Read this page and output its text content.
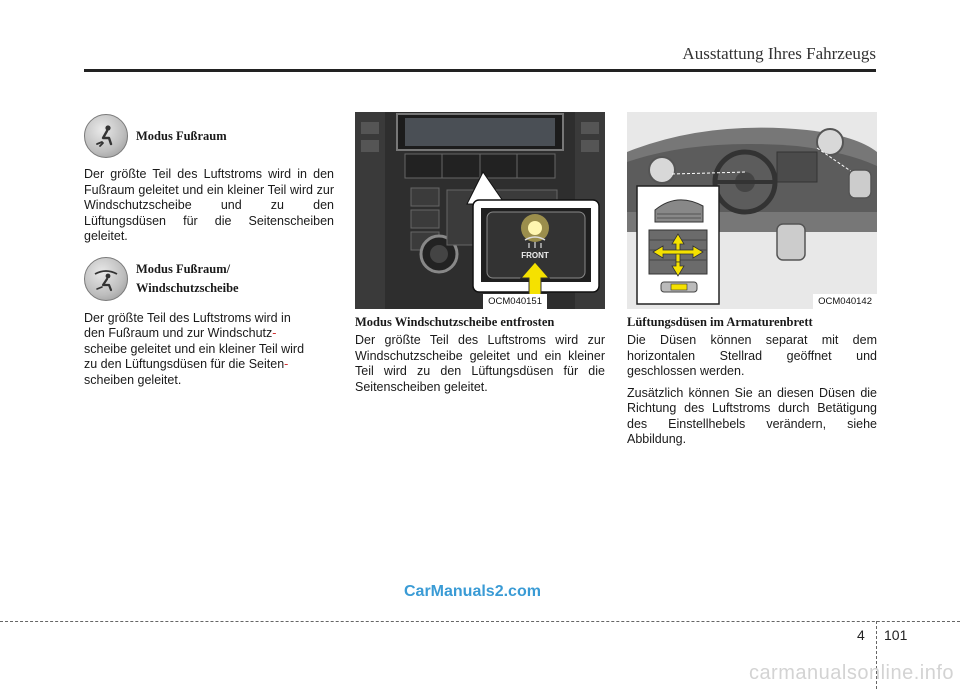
Ausstattung Ihres Fahrzeugs
Modus Fußraum

Der größte Teil des Luftstroms wird in den Fußraum geleitet und ein kleiner Teil wird zur Windschutzscheibe und zu den Lüftungsdüsen für die Seitenscheiben geleitet.

Modus Fußraum/
Windschutzscheibe

Der größte Teil des Luftstroms wird in
den Fußraum und zur Windschutz-
scheibe geleitet und ein kleiner Teil wird
zu den Lüftungsdüsen für die Seiten-
scheiben geleitet.

FRONT
OCM040151
Modus Windschutzscheibe entfrosten

Der größte Teil des Luftstroms wird zur Windschutzscheibe geleitet und ein kleiner Teil wird zu den Lüftungsdüsen für die Seitenscheiben geleitet.

OCM040142
Lüftungsdüsen im Armaturenbrett

Die Düsen können separat mit dem horizontalen Stellrad geöffnet und geschlossen werden.

Zusätzlich können Sie an diesen Düsen die Richtung des Luftstroms durch Betätigung des Einstellhebels verändern, siehe Abbildung.

CarManuals2.com
4 101
carmanualsonline.info
